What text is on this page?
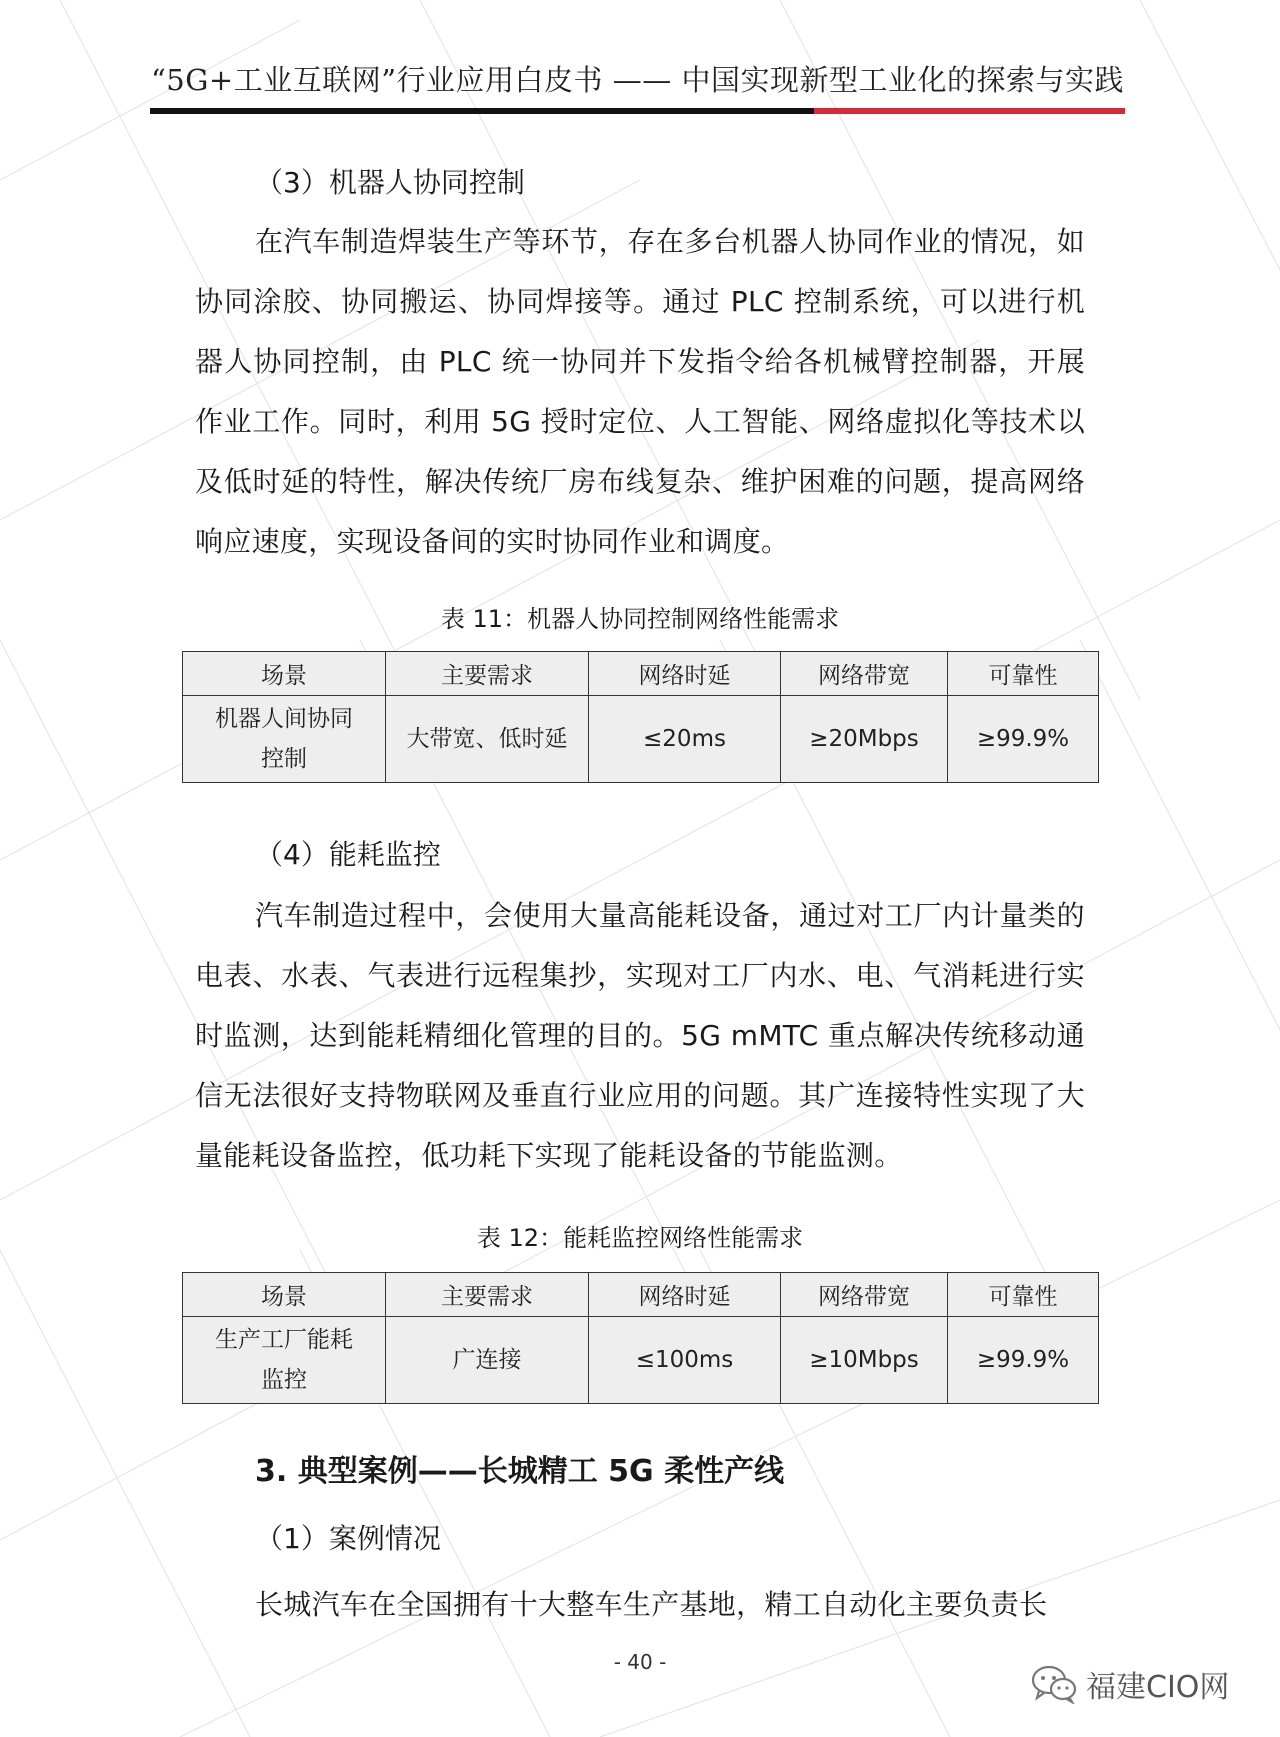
“5G+工业互联网”行业应用白皮书 —— 中国实现新型工业化的探索与实践
（3）机器人协同控制
在汽车制造焊装生产等环节，存在多台机器人协同作业的情况，如协同涂胶、协同搬运、协同焊接等。通过 PLC 控制系统，可以进行机器人协同控制，由 PLC 统一协同并下发指令给各机械臂控制器，开展作业工作。同时，利用 5G 授时定位、人工智能、网络虚拟化等技术以及低时延的特性，解决传统厂房布线复杂、维护困难的问题，提高网络响应速度，实现设备间的实时协同作业和调度。
表 11：机器人协同控制网络性能需求
场景	主要需求	网络时延	网络带宽	可靠性
机器人间协同控制	大带宽、低时延	≤20ms	≥20Mbps	≥99.9%
（4）能耗监控
汽车制造过程中，会使用大量高能耗设备，通过对工厂内计量类的电表、水表、气表进行远程集抄，实现对工厂内水、电、气消耗进行实时监测，达到能耗精细化管理的目的。5G mMTC 重点解决传统移动通信无法很好支持物联网及垂直行业应用的问题。其广连接特性实现了大量能耗设备监控，低功耗下实现了能耗设备的节能监测。
表 12：能耗监控网络性能需求
场景	主要需求	网络时延	网络带宽	可靠性
生产工厂能耗监控	广连接	≤100ms	≥10Mbps	≥99.9%
3. 典型案例——长城精工 5G 柔性产线
（1）案例情况
长城汽车在全国拥有十大整车生产基地，精工自动化主要负责长
- 40 -
福建CIO网
